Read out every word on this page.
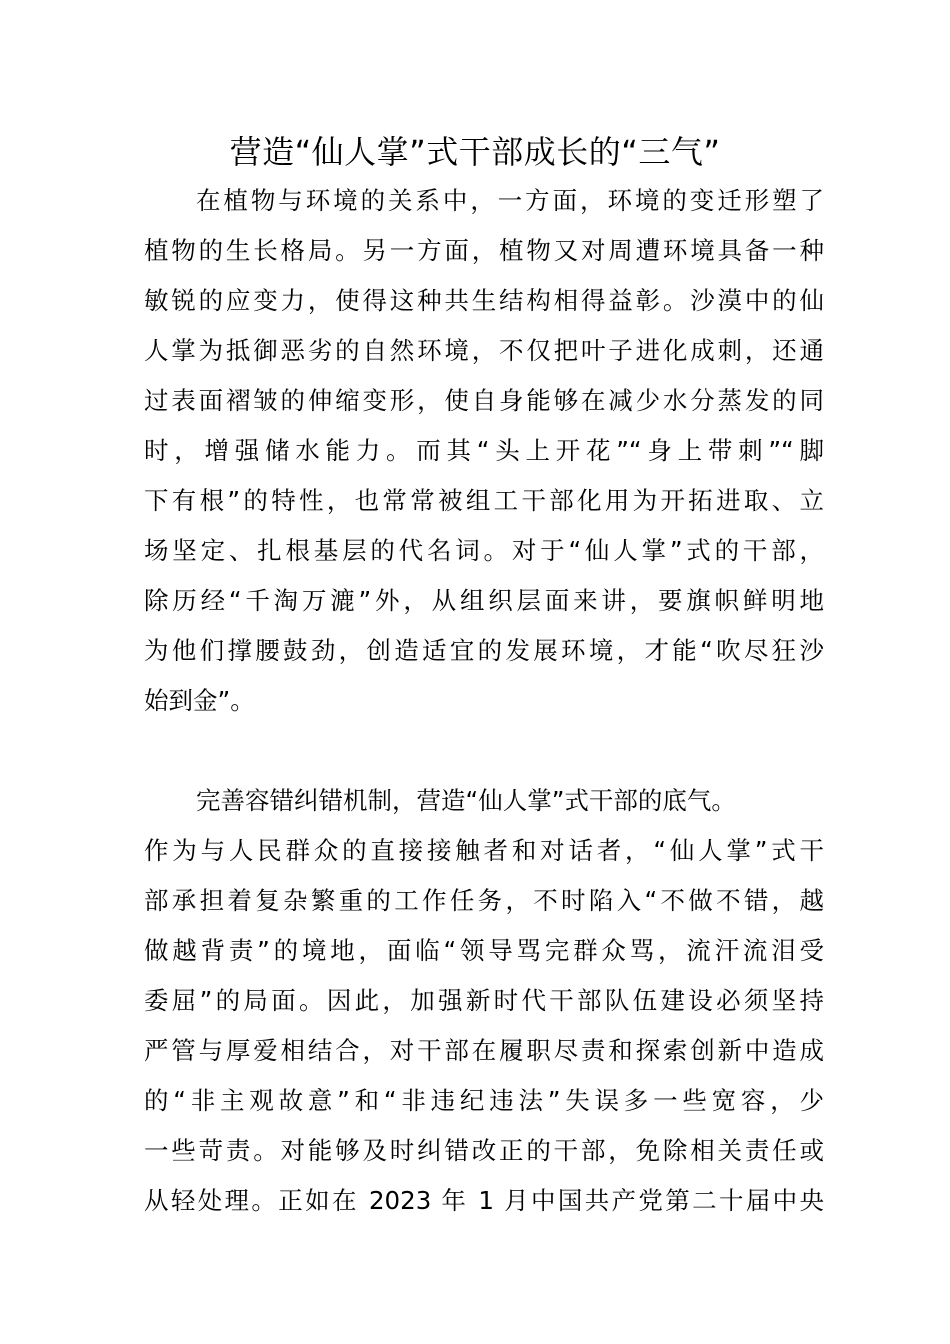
营造“仙人掌”式干部成长的“三气”
在植物与环境的关系中，一方面，环境的变迁形塑了
植物的生长格局。另一方面，植物又对周遭环境具备一种
敏锐的应变力，使得这种共生结构相得益彰。沙漠中的仙
人掌为抵御恶劣的自然环境，不仅把叶子进化成刺，还通
过表面褶皱的伸缩变形，使自身能够在减少水分蒸发的同
时，增强储水能力。而其“头上开花”“身上带刺”“脚
下有根”的特性，也常常被组工干部化用为开拓进取、立
场坚定、扎根基层的代名词。对于“仙人掌”式的干部，
除历经“千淘万漉”外，从组织层面来讲，要旗帜鲜明地
为他们撑腰鼓劲，创造适宜的发展环境，才能“吹尽狂沙
始到金”。
完善容错纠错机制，营造“仙人掌”式干部的底气。
作为与人民群众的直接接触者和对话者，“仙人掌”式干
部承担着复杂繁重的工作任务，不时陷入“不做不错，越
做越背责”的境地，面临“领导骂完群众骂，流汗流泪受
委屈”的局面。因此，加强新时代干部队伍建设必须坚持
严管与厚爱相结合，对干部在履职尽责和探索创新中造成
的“非主观故意”和“非违纪违法”失误多一些宽容，少
一些苛责。对能够及时纠错改正的干部，免除相关责任或
从轻处理。正如在 2023 年 1 月中国共产党第二十届中央
